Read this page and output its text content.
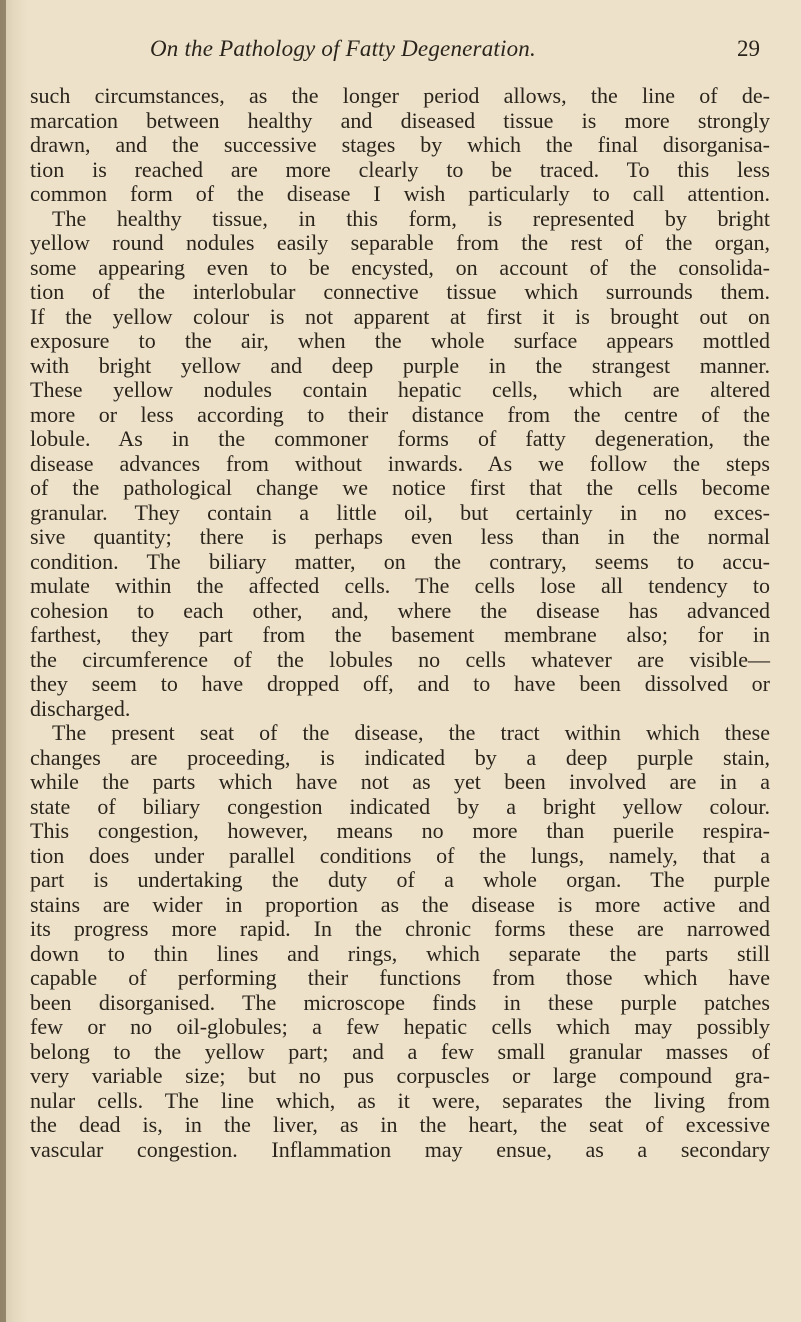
On the Pathology of Fatty Degeneration.	29
such circumstances, as the longer period allows, the line of de-
marcation between healthy and diseased tissue is more strongly
drawn, and the successive stages by which the final disorganisa-
tion is reached are more clearly to be traced. To this less
common form of the disease I wish particularly to call attention.
The healthy tissue, in this form, is represented by bright
yellow round nodules easily separable from the rest of the organ,
some appearing even to be encysted, on account of the consolida-
tion of the interlobular connective tissue which surrounds them.
If the yellow colour is not apparent at first it is brought out on
exposure to the air, when the whole surface appears mottled
with bright yellow and deep purple in the strangest manner.
These yellow nodules contain hepatic cells, which are altered
more or less according to their distance from the centre of the
lobule. As in the commoner forms of fatty degeneration, the
disease advances from without inwards. As we follow the steps
of the pathological change we notice first that the cells become
granular. They contain a little oil, but certainly in no exces-
sive quantity; there is perhaps even less than in the normal
condition. The biliary matter, on the contrary, seems to accu-
mulate within the affected cells. The cells lose all tendency to
cohesion to each other, and, where the disease has advanced
farthest, they part from the basement membrane also; for in
the circumference of the lobules no cells whatever are visible—
they seem to have dropped off, and to have been dissolved or
discharged.
The present seat of the disease, the tract within which these
changes are proceeding, is indicated by a deep purple stain,
while the parts which have not as yet been involved are in a
state of biliary congestion indicated by a bright yellow colour.
This congestion, however, means no more than puerile respira-
tion does under parallel conditions of the lungs, namely, that a
part is undertaking the duty of a whole organ. The purple
stains are wider in proportion as the disease is more active and
its progress more rapid. In the chronic forms these are narrowed
down to thin lines and rings, which separate the parts still
capable of performing their functions from those which have
been disorganised. The microscope finds in these purple patches
few or no oil-globules; a few hepatic cells which may possibly
belong to the yellow part; and a few small granular masses of
very variable size; but no pus corpuscles or large compound gra-
nular cells. The line which, as it were, separates the living from
the dead is, in the liver, as in the heart, the seat of excessive
vascular congestion. Inflammation may ensue, as a secondary
